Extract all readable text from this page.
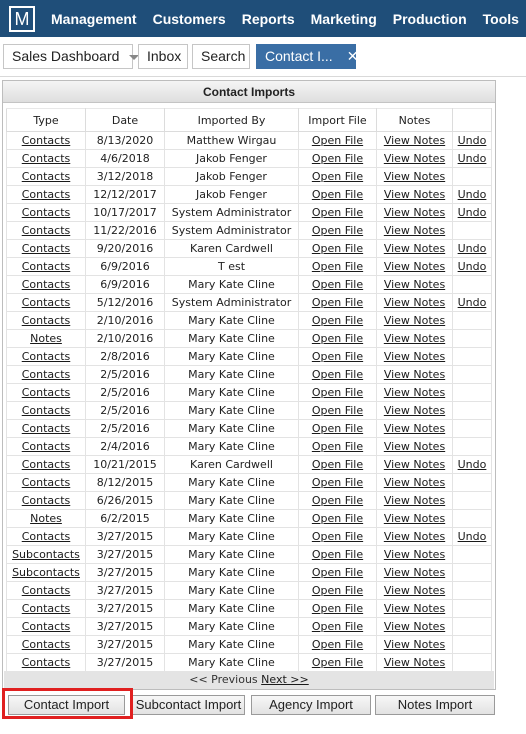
M	Management Customers Reports Marketing Production Tools
Sales Dashboard	Inbox	Search	Contact I... ✕
Contact Imports
Type	Date	Imported By	Import File	Notes	
Contacts	8/13/2020	Matthew Wirgau	Open File	View Notes	Undo
Contacts	4/6/2018	Jakob Fenger	Open File	View Notes	Undo
Contacts	3/12/2018	Jakob Fenger	Open File	View Notes	
Contacts	12/12/2017	Jakob Fenger	Open File	View Notes	Undo
Contacts	10/17/2017	System Administrator	Open File	View Notes	Undo
Contacts	11/22/2016	System Administrator	Open File	View Notes	
Contacts	9/20/2016	Karen Cardwell	Open File	View Notes	Undo
Contacts	6/9/2016	T est	Open File	View Notes	Undo
Contacts	6/9/2016	Mary Kate Cline	Open File	View Notes	
Contacts	5/12/2016	System Administrator	Open File	View Notes	Undo
Contacts	2/10/2016	Mary Kate Cline	Open File	View Notes	
Notes	2/10/2016	Mary Kate Cline	Open File	View Notes	
Contacts	2/8/2016	Mary Kate Cline	Open File	View Notes	
Contacts	2/5/2016	Mary Kate Cline	Open File	View Notes	
Contacts	2/5/2016	Mary Kate Cline	Open File	View Notes	
Contacts	2/5/2016	Mary Kate Cline	Open File	View Notes	
Contacts	2/5/2016	Mary Kate Cline	Open File	View Notes	
Contacts	2/4/2016	Mary Kate Cline	Open File	View Notes	
Contacts	10/21/2015	Karen Cardwell	Open File	View Notes	Undo
Contacts	8/12/2015	Mary Kate Cline	Open File	View Notes	
Contacts	6/26/2015	Mary Kate Cline	Open File	View Notes	
Notes	6/2/2015	Mary Kate Cline	Open File	View Notes	
Contacts	3/27/2015	Mary Kate Cline	Open File	View Notes	Undo
Subcontacts	3/27/2015	Mary Kate Cline	Open File	View Notes	
Subcontacts	3/27/2015	Mary Kate Cline	Open File	View Notes	
Contacts	3/27/2015	Mary Kate Cline	Open File	View Notes	
Contacts	3/27/2015	Mary Kate Cline	Open File	View Notes	
Contacts	3/27/2015	Mary Kate Cline	Open File	View Notes	
Contacts	3/27/2015	Mary Kate Cline	Open File	View Notes	
Contacts	3/27/2015	Mary Kate Cline	Open File	View Notes	
<< Previous Next >>
Contact Import	Subcontact Import	Agency Import	Notes Import
